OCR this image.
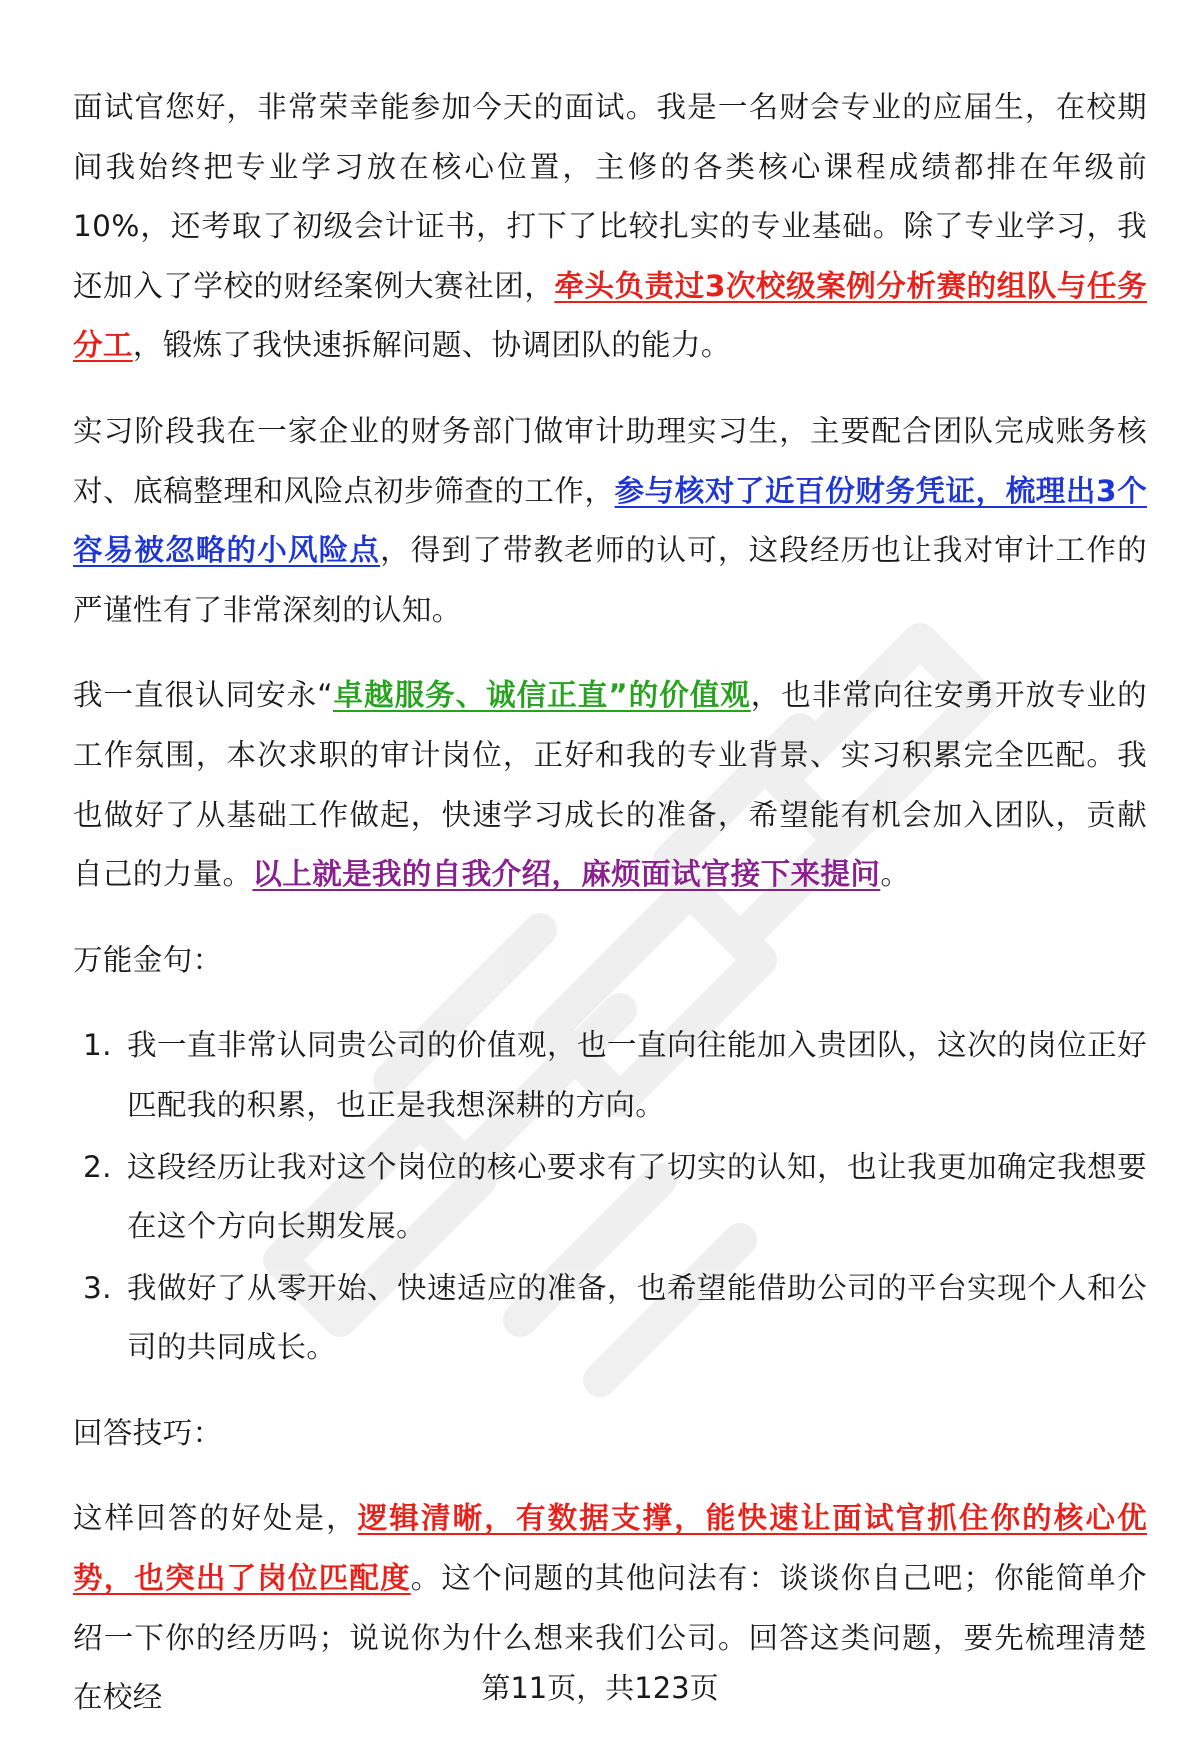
面试官您好，非常荣幸能参加今天的面试。我是一名财会专业的应届生，在校期间我始终把专业学习放在核心位置，主修的各类核心课程成绩都排在年级前10%，还考取了初级会计证书，打下了比较扎实的专业基础。除了专业学习，我还加入了学校的财经案例大赛社团，牵头负责过3次校级案例分析赛的组队与任务分工，锻炼了我快速拆解问题、协调团队的能力。

实习阶段我在一家企业的财务部门做审计助理实习生，主要配合团队完成账务核对、底稿整理和风险点初步筛查的工作，参与核对了近百份财务凭证，梳理出3个容易被忽略的小风险点，得到了带教老师的认可，这段经历也让我对审计工作的严谨性有了非常深刻的认知。

我一直很认同安永“卓越服务、诚信正直”的价值观，也非常向往安勇开放专业的工作氛围，本次求职的审计岗位，正好和我的专业背景、实习积累完全匹配。我也做好了从基础工作做起，快速学习成长的准备，希望能有机会加入团队，贡献自己的力量。以上就是我的自我介绍，麻烦面试官接下来提问。

万能金句：

1. 我一直非常认同贵公司的价值观，也一直向往能加入贵团队，这次的岗位正好匹配我的积累，也正是我想深耕的方向。
2. 这段经历让我对这个岗位的核心要求有了切实的认知，也让我更加确定我想要在这个方向长期发展。
3. 我做好了从零开始、快速适应的准备，也希望能借助公司的平台实现个人和公司的共同成长。

回答技巧：

这样回答的好处是，逻辑清晰，有数据支撑，能快速让面试官抓住你的核心优势，也突出了岗位匹配度。这个问题的其他问法有：谈谈你自己吧；你能简单介绍一下你的经历吗；说说你为什么想来我们公司。回答这类问题，要先梳理清楚在校经	第11页，共123页
